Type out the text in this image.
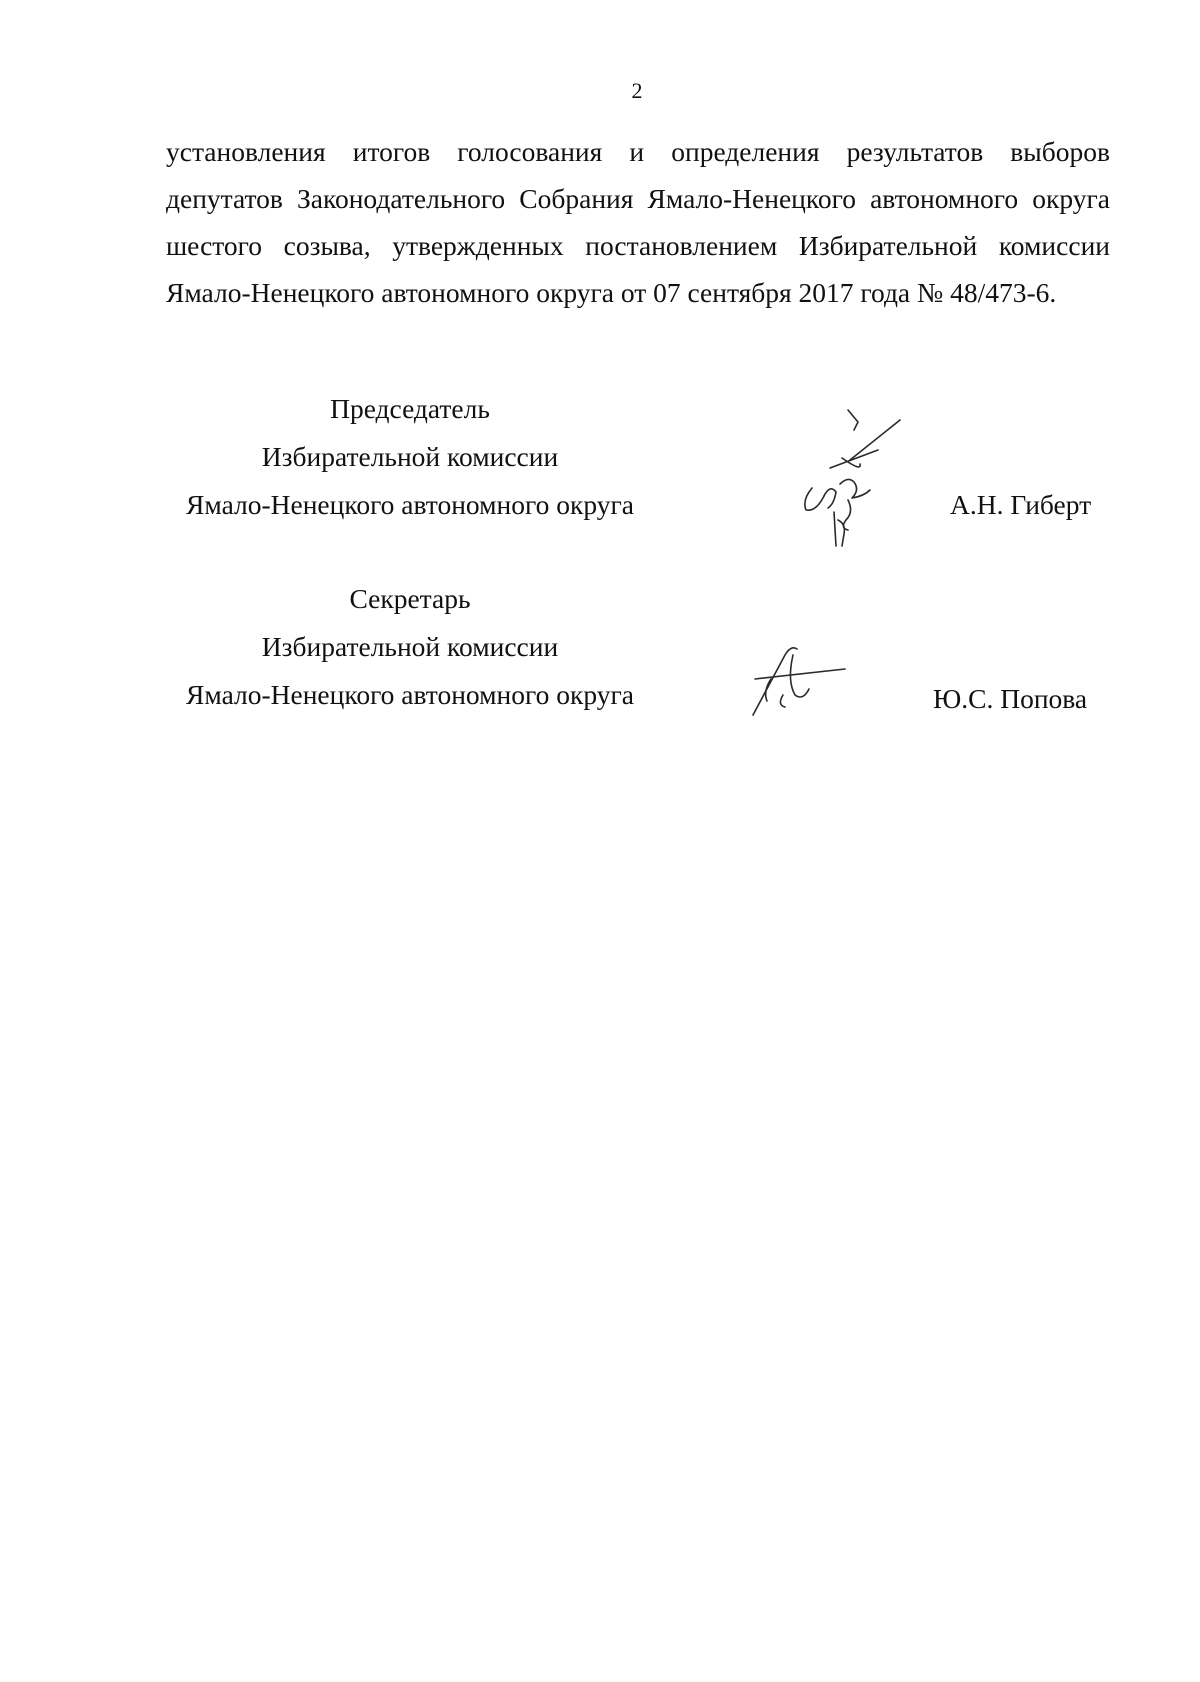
2
установления итогов голосования и определения результатов выборов
депутатов Законодательного Собрания Ямало-Ненецкого автономного округа
шестого созыва, утвержденных постановлением Избирательной комиссии
Ямало-Ненецкого автономного округа от 07 сентября 2017 года № 48/473-6.
Председатель
Избирательной комиссии
Ямало-Ненецкого автономного округа	А.Н. Гиберт
Секретарь
Избирательной комиссии
Ямало-Ненецкого автономного округа	Ю.С. Попова
